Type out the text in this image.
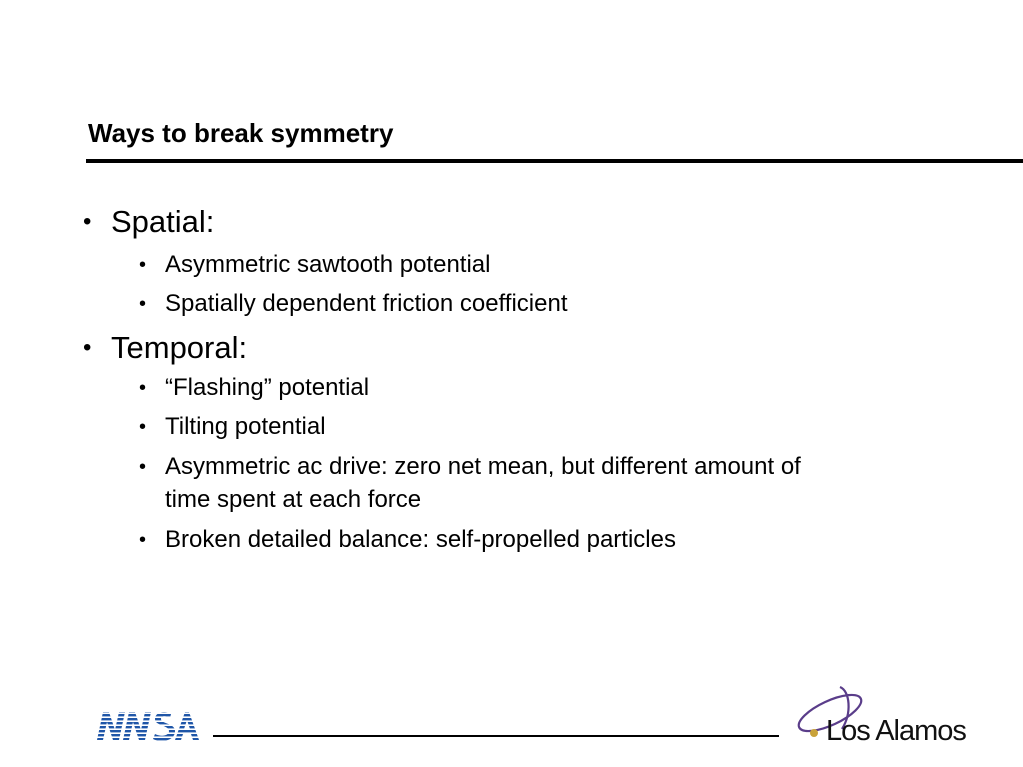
Ways to break symmetry
• Spatial:
• Asymmetric sawtooth potential
• Spatially dependent friction coefficient
• Temporal:
• “Flashing” potential
• Tilting potential
• Asymmetric ac drive: zero net mean, but different amount of
time spent at each force
• Broken detailed balance: self-propelled particles
Los Alamos
